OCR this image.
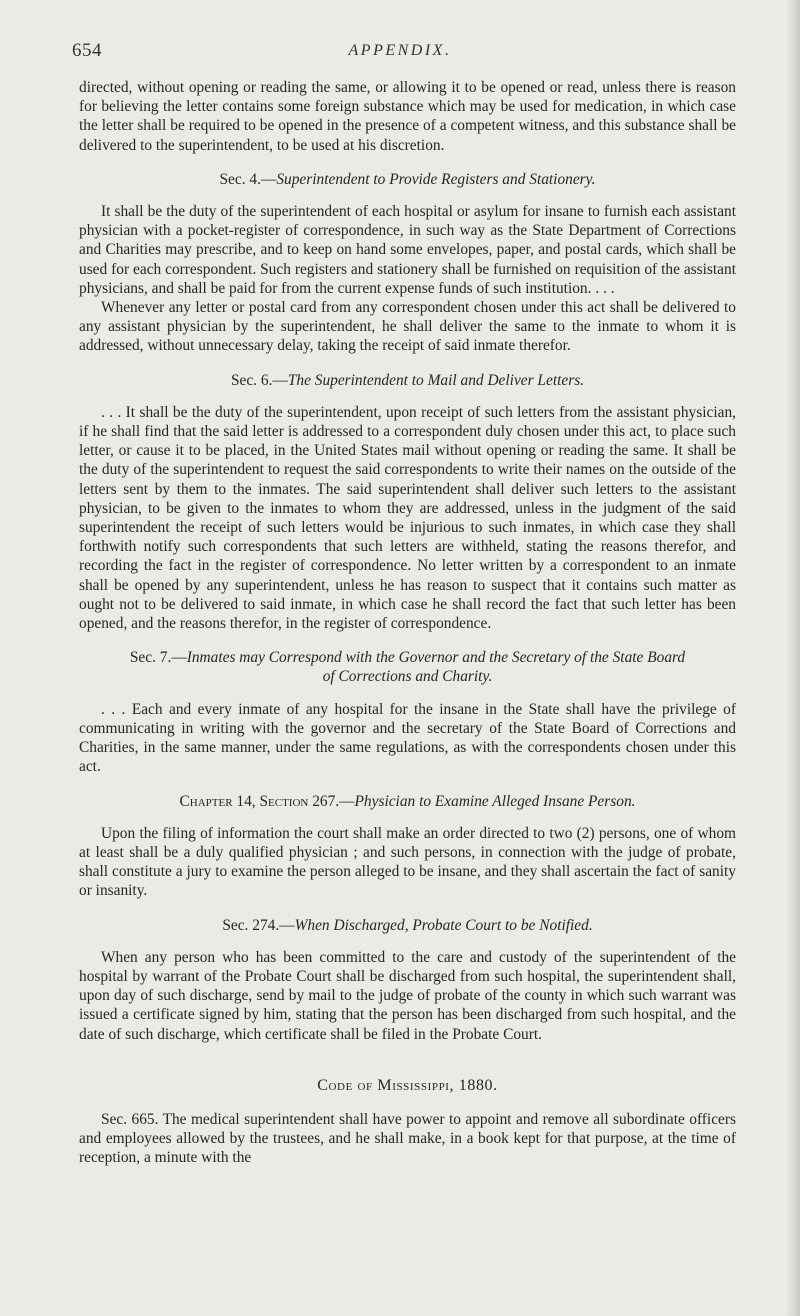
654	APPENDIX.

directed, without opening or reading the same, or allowing it to be opened or read, unless there is reason for believing the letter contains some foreign substance which may be used for medication, in which case the letter shall be required to be opened in the presence of a competent witness, and this substance shall be delivered to the superintendent, to be used at his discretion.

Sec. 4.—Superintendent to Provide Registers and Stationery.

It shall be the duty of the superintendent of each hospital or asylum for insane to furnish each assistant physician with a pocket-register of correspondence, in such way as the State Department of Corrections and Charities may prescribe, and to keep on hand some envelopes, paper, and postal cards, which shall be used for each correspondent. Such registers and stationery shall be furnished on requisition of the assistant physicians, and shall be paid for from the current expense funds of such institution. . . .

Whenever any letter or postal card from any correspondent chosen under this act shall be delivered to any assistant physician by the superintendent, he shall deliver the same to the inmate to whom it is addressed, without unnecessary delay, taking the receipt of said inmate therefor.

Sec. 6.—The Superintendent to Mail and Deliver Letters.

. . . It shall be the duty of the superintendent, upon receipt of such letters from the assistant physician, if he shall find that the said letter is addressed to a correspondent duly chosen under this act, to place such letter, or cause it to be placed, in the United States mail without opening or reading the same. It shall be the duty of the superintendent to request the said correspondents to write their names on the outside of the letters sent by them to the inmates. The said superintendent shall deliver such letters to the assistant physician, to be given to the inmates to whom they are addressed, unless in the judgment of the said superintendent the receipt of such letters would be injurious to such inmates, in which case they shall forthwith notify such correspondents that such letters are withheld, stating the reasons therefor, and recording the fact in the register of correspondence. No letter written by a correspondent to an inmate shall be opened by any superintendent, unless he has reason to suspect that it contains such matter as ought not to be delivered to said inmate, in which case he shall record the fact that such letter has been opened, and the reasons therefor, in the register of correspondence.

Sec. 7.—Inmates may Correspond with the Governor and the Secretary of the State Board
of Corrections and Charity.

. . . Each and every inmate of any hospital for the insane in the State shall have the privilege of communicating in writing with the governor and the secretary of the State Board of Corrections and Charities, in the same manner, under the same regulations, as with the correspondents chosen under this act.

Chapter 14, Section 267.—Physician to Examine Alleged Insane Person.

Upon the filing of information the court shall make an order directed to two (2) persons, one of whom at least shall be a duly qualified physician ; and such persons, in connection with the judge of probate, shall constitute a jury to examine the person alleged to be insane, and they shall ascertain the fact of sanity or insanity.

Sec. 274.—When Discharged, Probate Court to be Notified.

When any person who has been committed to the care and custody of the superintendent of the hospital by warrant of the Probate Court shall be discharged from such hospital, the superintendent shall, upon day of such discharge, send by mail to the judge of probate of the county in which such warrant was issued a certificate signed by him, stating that the person has been discharged from such hospital, and the date of such discharge, which certificate shall be filed in the Probate Court.

Code of Mississippi, 1880.

Sec. 665. The medical superintendent shall have power to appoint and remove all subordinate officers and employees allowed by the trustees, and he shall make, in a book kept for that purpose, at the time of reception, a minute with the
